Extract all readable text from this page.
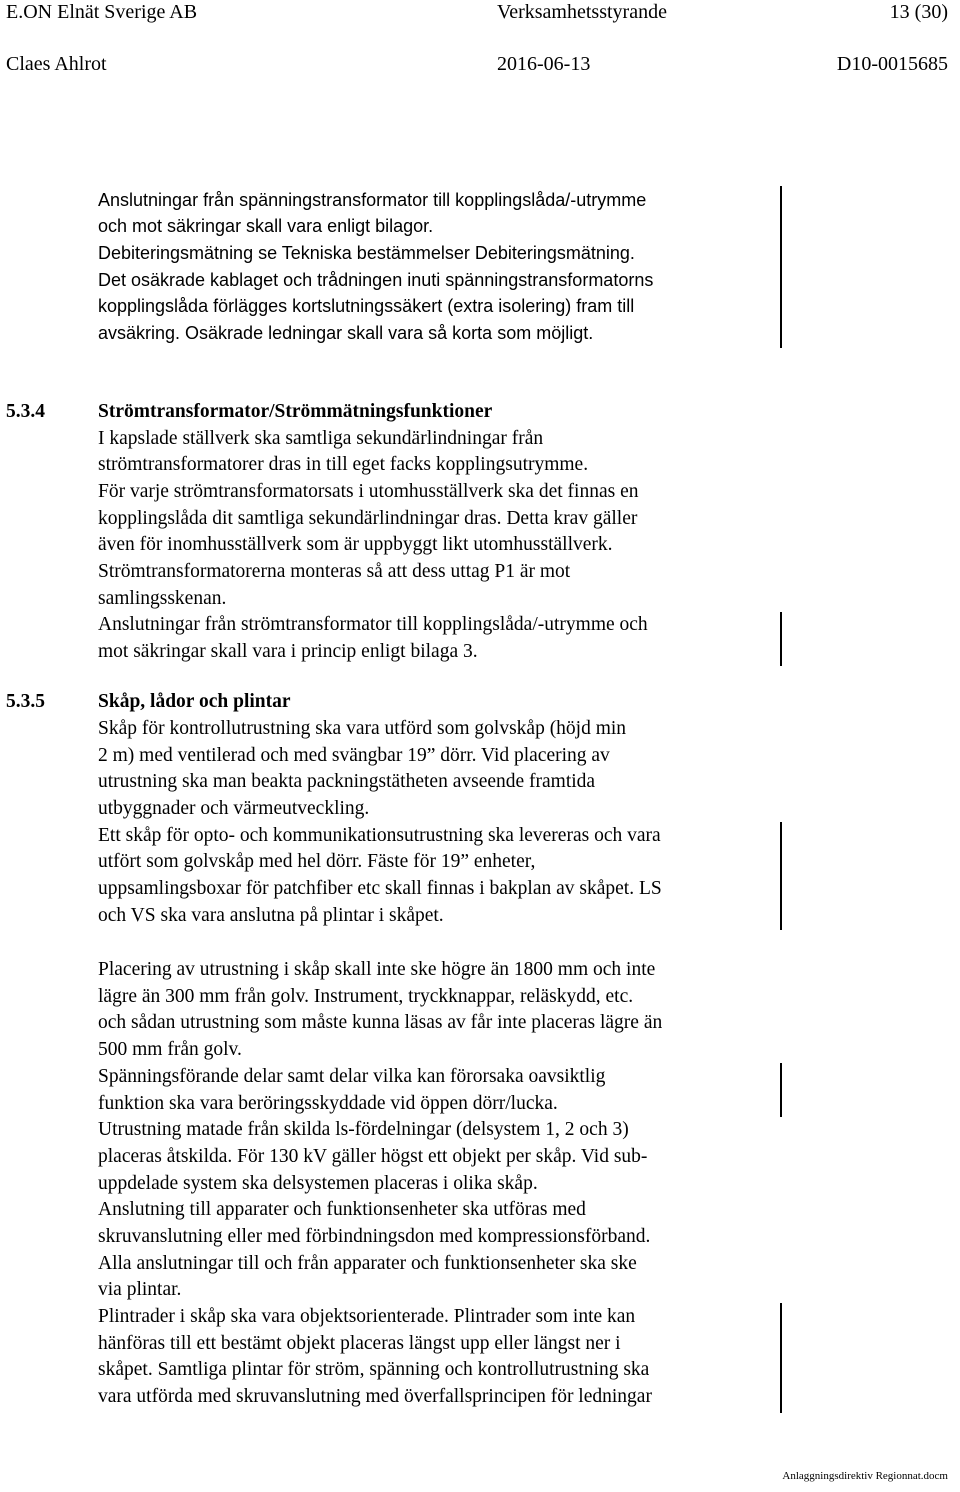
E.ON Elnät Sverige AB	Verksamhetsstyrande	13 (30)
Claes Ahlrot	2016-06-13	D10-0015685
Anslutningar från spänningstransformator till kopplingslåda/-utrymme
och mot säkringar skall vara enligt bilagor.
Debiteringsmätning se Tekniska bestämmelser Debiteringsmätning.
Det osäkrade kablaget och trådningen inuti spänningstransformatorns
kopplingslåda förlägges kortslutningssäkert (extra isolering) fram till
avsäkring. Osäkrade ledningar skall vara så korta som möjligt.
5.3.4	Strömtransformator/Strömmätningsfunktioner
I kapslade ställverk ska samtliga sekundärlindningar från
strömtransformatorer dras in till eget facks kopplingsutrymme.
För varje strömtransformatorsats i utomhusställverk ska det finnas en
kopplingslåda dit samtliga sekundärlindningar dras. Detta krav gäller
även för inomhusställverk som är uppbyggt likt utomhusställverk.
Strömtransformatorerna monteras så att dess uttag P1 är mot
samlingsskenan.
Anslutningar från strömtransformator till kopplingslåda/-utrymme och
mot säkringar skall vara i princip enligt bilaga 3.
5.3.5	Skåp, lådor och plintar
Skåp för kontrollutrustning ska vara utförd som golvskåp (höjd min
2 m) med ventilerad och med svängbar 19” dörr. Vid placering av
utrustning ska man beakta packningstätheten avseende framtida
utbyggnader och värmeutveckling.
Ett skåp för opto- och kommunikationsutrustning ska levereras och vara
utfört som golvskåp med hel dörr. Fäste för 19” enheter,
uppsamlingsboxar för patchfiber etc skall finnas i bakplan av skåpet. LS
och VS ska vara anslutna på plintar i skåpet.
Placering av utrustning i skåp skall inte ske högre än 1800 mm och inte
lägre än 300 mm från golv. Instrument, tryckknappar, reläskydd, etc.
och sådan utrustning som måste kunna läsas av får inte placeras lägre än
500 mm från golv.
Spänningsförande delar samt delar vilka kan förorsaka oavsiktlig
funktion ska vara beröringsskyddade vid öppen dörr/lucka.
Utrustning matade från skilda ls-fördelningar (delsystem 1, 2 och 3)
placeras åtskilda. För 130 kV gäller högst ett objekt per skåp. Vid sub-
uppdelade system ska delsystemen placeras i olika skåp.
Anslutning till apparater och funktionsenheter ska utföras med
skruvanslutning eller med förbindningsdon med kompressionsförband.
Alla anslutningar till och från apparater och funktionsenheter ska ske
via plintar.
Plintrader i skåp ska vara objektsorienterade. Plintrader som inte kan
hänföras till ett bestämt objekt placeras längst upp eller längst ner i
skåpet. Samtliga plintar för ström, spänning och kontrollutrustning ska
vara utförda med skruvanslutning med överfallsprincipen för ledningar
Anlaggningsdirektiv Regionnat.docm
